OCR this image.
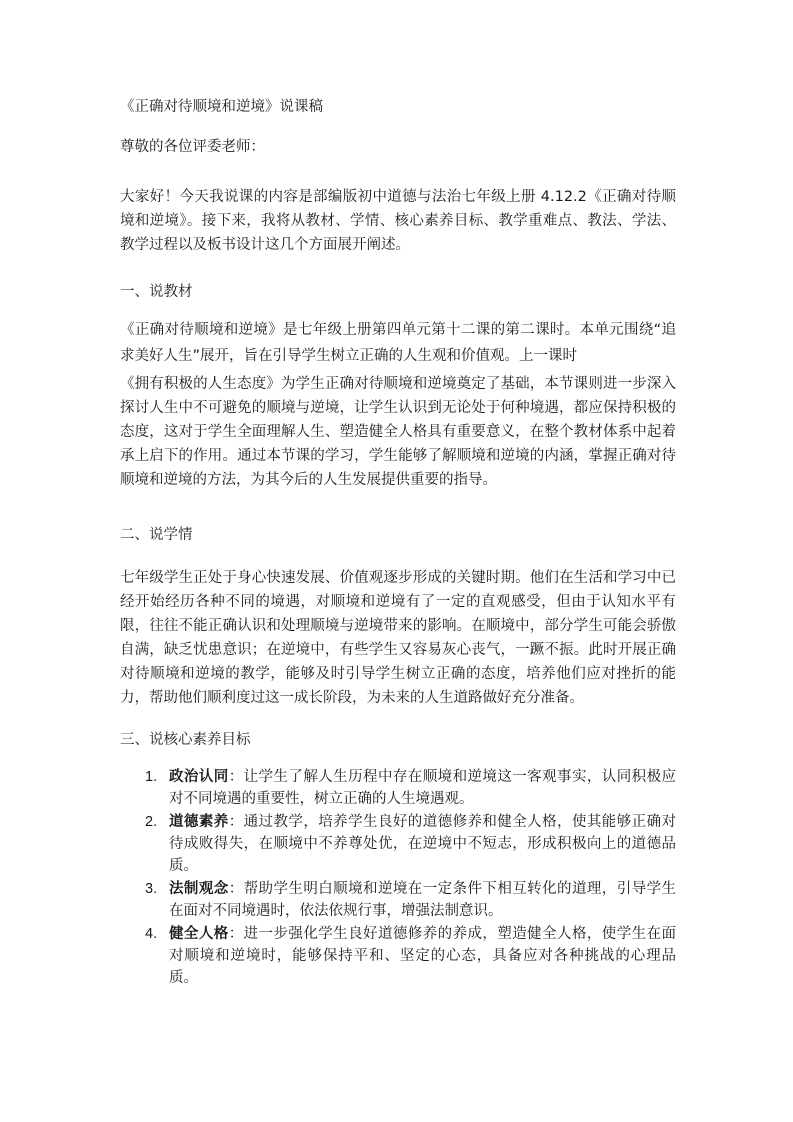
《正确对待顺境和逆境》说课稿
尊敬的各位评委老师：

大家好！今天我说课的内容是部编版初中道德与法治七年级上册 4.12.2《正确对待顺境和逆境》。接下来，我将从教材、学情、核心素养目标、教学重难点、教法、学法、教学过程以及板书设计这几个方面展开阐述。

一、说教材

《正确对待顺境和逆境》是七年级上册第四单元第十二课的第二课时。本单元围绕“追求美好人生”展开，旨在引导学生树立正确的人生观和价值观。上一课时

《拥有积极的人生态度》为学生正确对待顺境和逆境奠定了基础，本节课则进一步深入探讨人生中不可避免的顺境与逆境，让学生认识到无论处于何种境遇，都应保持积极的态度，这对于学生全面理解人生、塑造健全人格具有重要意义，在整个教材体系中起着承上启下的作用。通过本节课的学习，学生能够了解顺境和逆境的内涵，掌握正确对待顺境和逆境的方法，为其今后的人生发展提供重要的指导。

二、说学情

七年级学生正处于身心快速发展、价值观逐步形成的关键时期。他们在生活和学习中已经开始经历各种不同的境遇，对顺境和逆境有了一定的直观感受，但由于认知水平有限，往往不能正确认识和处理顺境与逆境带来的影响。在顺境中，部分学生可能会骄傲自满，缺乏忧患意识；在逆境中，有些学生又容易灰心丧气，一蹶不振。此时开展正确对待顺境和逆境的教学，能够及时引导学生树立正确的态度，培养他们应对挫折的能力，帮助他们顺利度过这一成长阶段，为未来的人生道路做好充分准备。

三、说核心素养目标
1. 政治认同：让学生了解人生历程中存在顺境和逆境这一客观事实，认同积极应对不同境遇的重要性，树立正确的人生境遇观。
2. 道德素养：通过教学，培养学生良好的道德修养和健全人格，使其能够正确对待成败得失，在顺境中不养尊处优，在逆境中不短志，形成积极向上的道德品质。
3. 法制观念：帮助学生明白顺境和逆境在一定条件下相互转化的道理，引导学生在面对不同境遇时，依法依规行事，增强法制意识。
4. 健全人格：进一步强化学生良好道德修养的养成，塑造健全人格，使学生在面对顺境和逆境时，能够保持平和、坚定的心态，具备应对各种挑战的心理品质。
